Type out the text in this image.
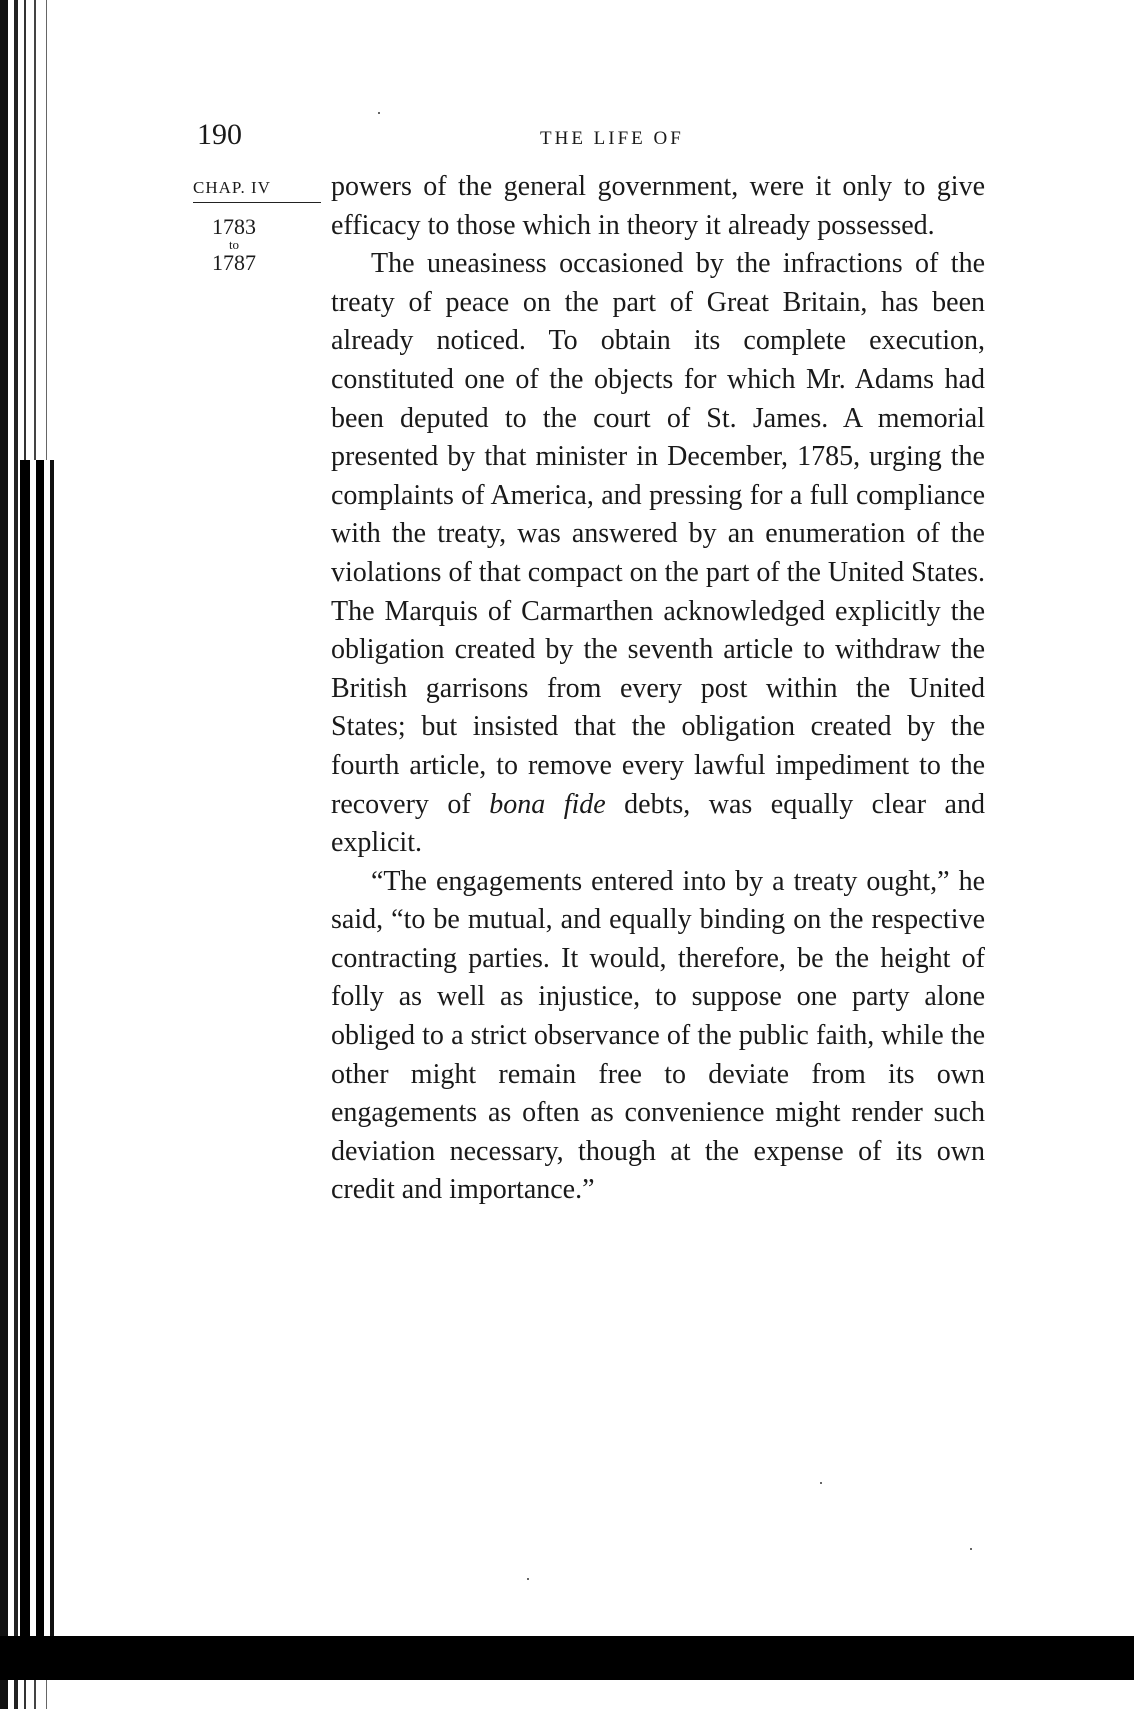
190	THE LIFE OF
CHAP. IV
1783
to
1787

powers of the general government, were it only to give efficacy to those which in theory it already possessed.

The uneasiness occasioned by the infractions of the treaty of peace on the part of Great Britain, has been already noticed. To obtain its complete execution, constituted one of the objects for which Mr. Adams had been deputed to the court of St. James. A memorial presented by that minister in December, 1785, urging the complaints of America, and pressing for a full compliance with the treaty, was answered by an enumeration of the violations of that compact on the part of the United States. The Marquis of Carmarthen acknowledged explicitly the obligation created by the seventh article to withdraw the British garrisons from every post within the United States; but insisted that the obligation created by the fourth article, to remove every lawful impediment to the recovery of bona fide debts, was equally clear and explicit.

“The engagements entered into by a treaty ought,” he said, “to be mutual, and equally binding on the respective contracting parties. It would, therefore, be the height of folly as well as injustice, to suppose one party alone obliged to a strict observance of the public faith, while the other might remain free to deviate from its own engagements as often as convenience might render such deviation necessary, though at the expense of its own credit and importance.”
